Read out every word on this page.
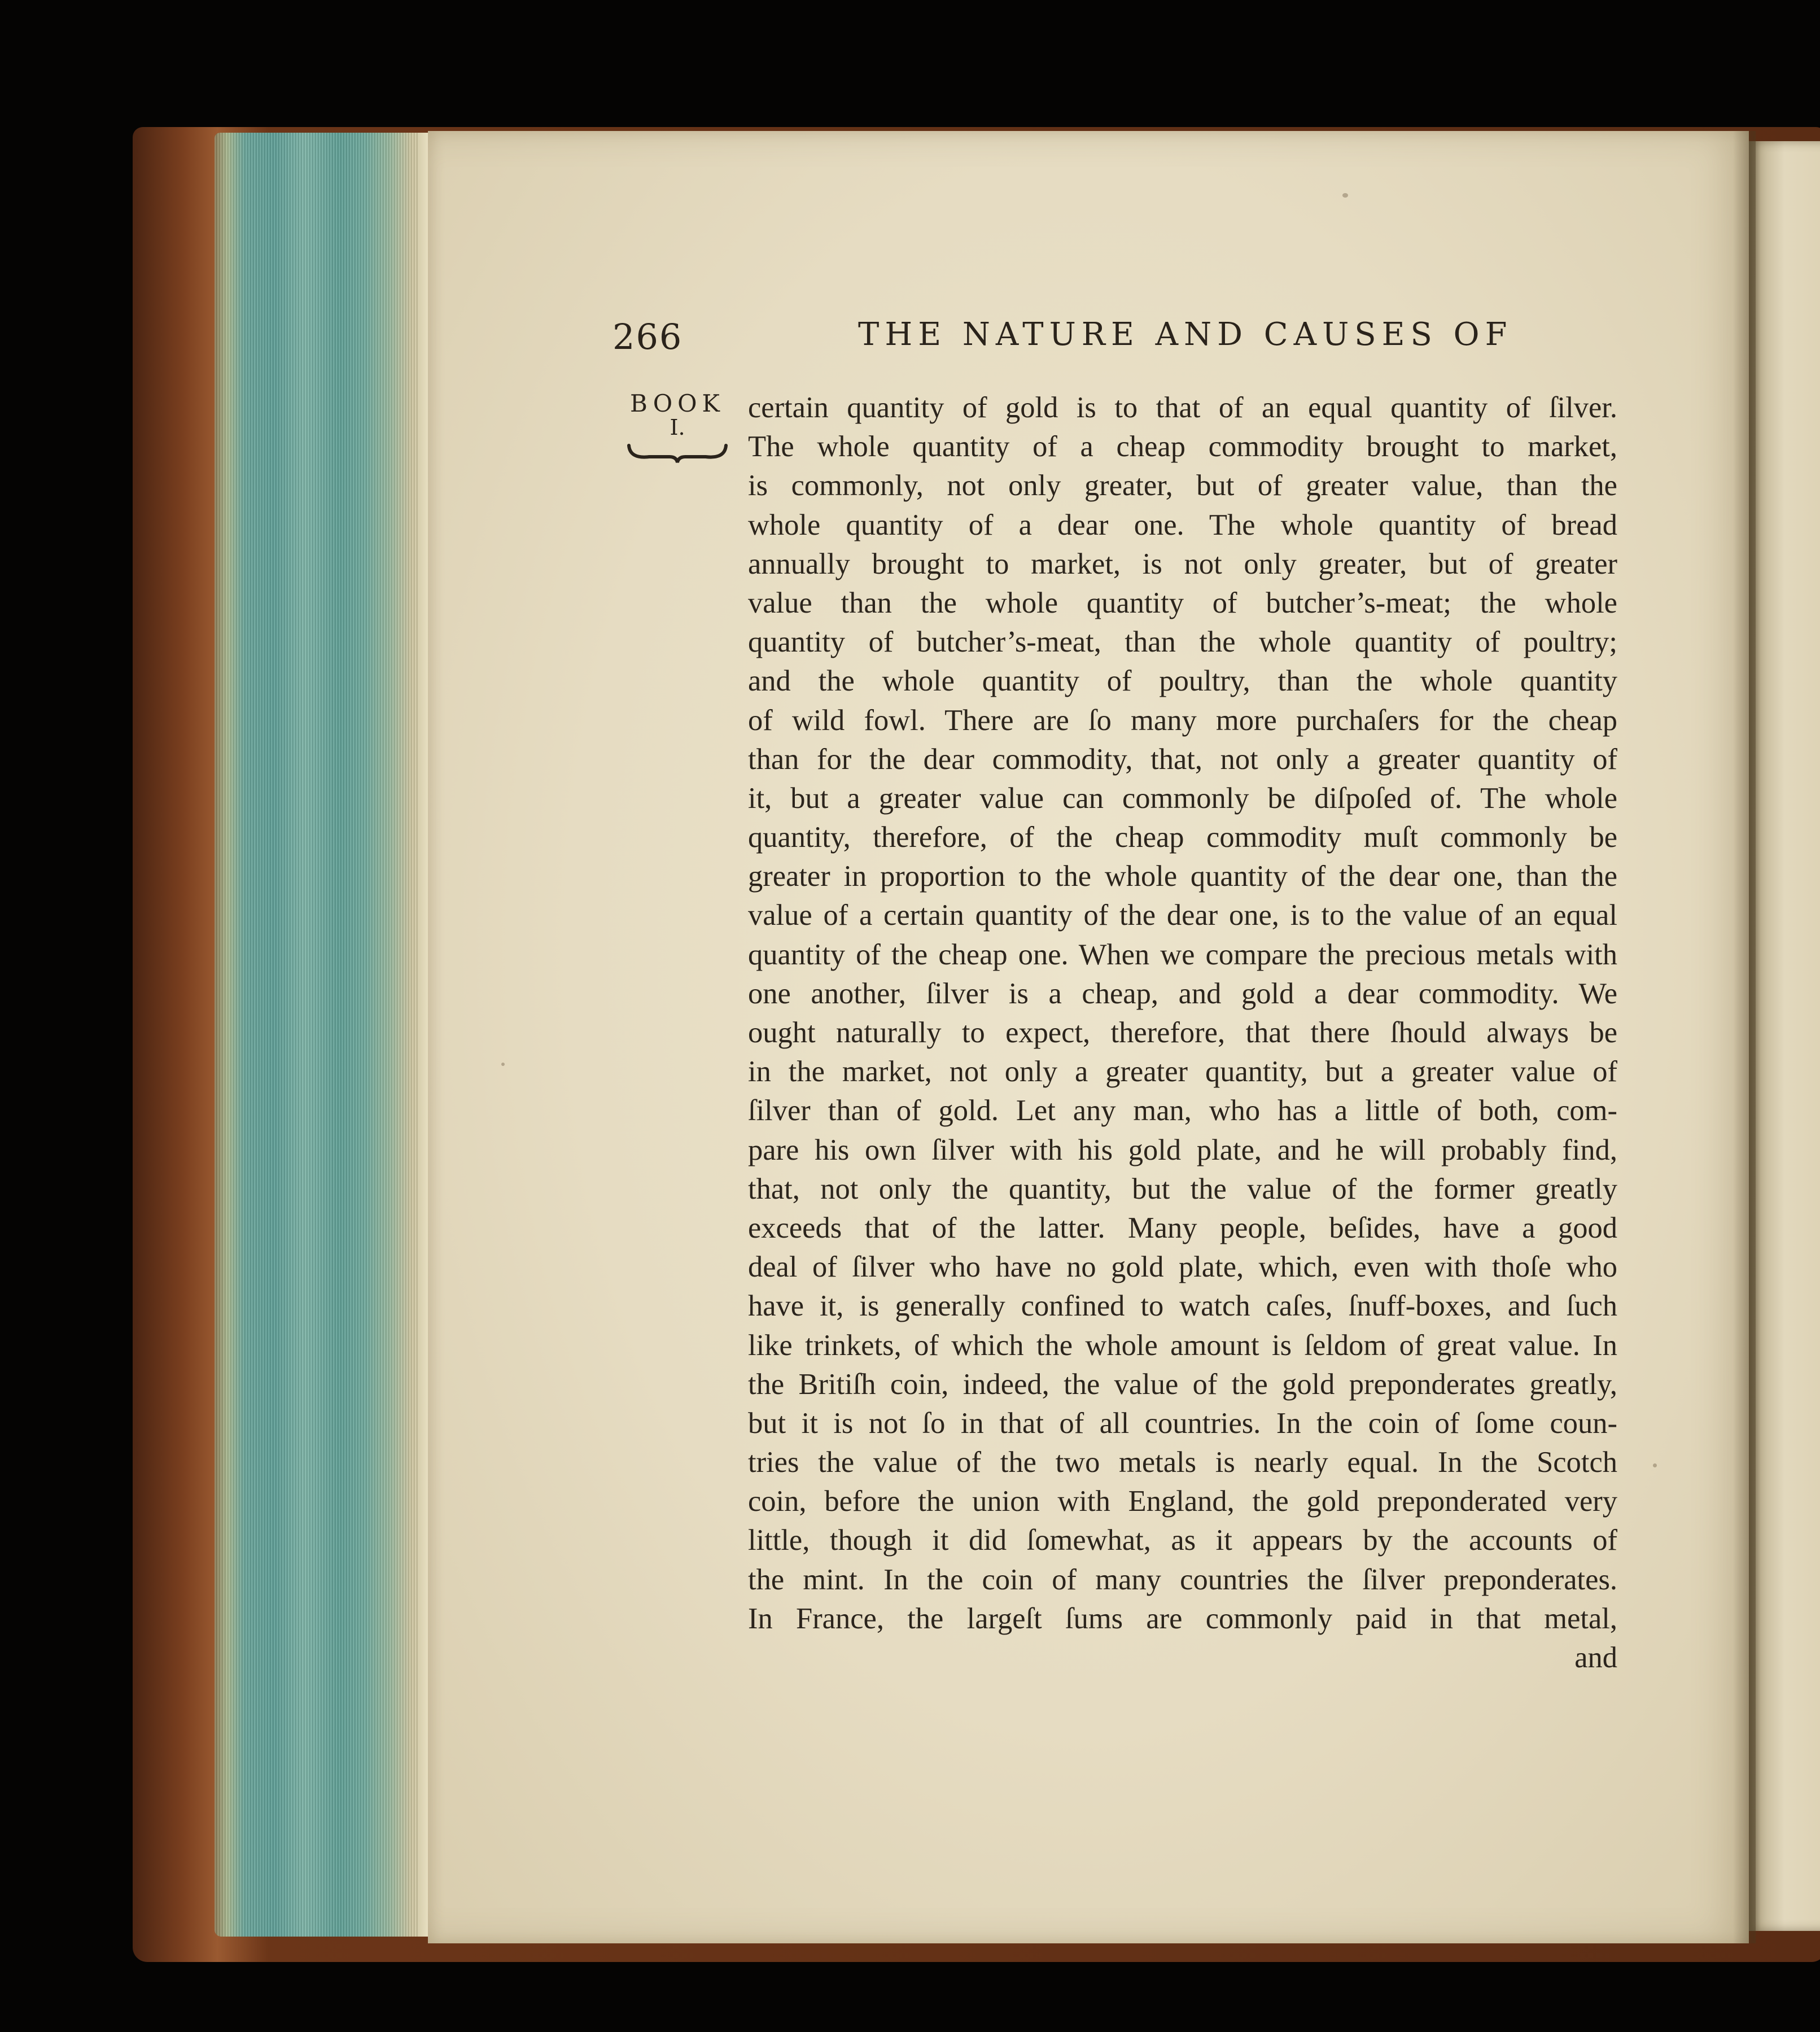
266	THE NATURE AND CAUSES OF
BOOK
I.
certain quantity of gold is to that of an equal quantity of ſilver.
The whole quantity of a cheap commodity brought to market,
is commonly, not only greater, but of greater value, than the
whole quantity of a dear one. The whole quantity of bread
annually brought to market, is not only greater, but of greater
value than the whole quantity of butcher’s-meat; the whole
quantity of butcher’s-meat, than the whole quantity of poultry;
and the whole quantity of poultry, than the whole quantity
of wild fowl. There are ſo many more purchaſers for the cheap
than for the dear commodity, that, not only a greater quantity of
it, but a greater value can commonly be diſpoſed of. The whole
quantity, therefore, of the cheap commodity muſt commonly be
greater in proportion to the whole quantity of the dear one, than the
value of a certain quantity of the dear one, is to the value of an equal
quantity of the cheap one. When we compare the precious metals with
one another, ſilver is a cheap, and gold a dear commodity. We
ought naturally to expect, therefore, that there ſhould always be
in the market, not only a greater quantity, but a greater value of
ſilver than of gold. Let any man, who has a little of both, com-
pare his own ſilver with his gold plate, and he will probably find,
that, not only the quantity, but the value of the former greatly
exceeds that of the latter. Many people, beſides, have a good
deal of ſilver who have no gold plate, which, even with thoſe who
have it, is generally confined to watch caſes, ſnuff-boxes, and ſuch
like trinkets, of which the whole amount is ſeldom of great value. In
the Britiſh coin, indeed, the value of the gold preponderates greatly,
but it is not ſo in that of all countries. In the coin of ſome coun-
tries the value of the two metals is nearly equal. In the Scotch
coin, before the union with England, the gold preponderated very
little, though it did ſomewhat, as it appears by the accounts of
the mint. In the coin of many countries the ſilver preponderates.
In France, the largeſt ſums are commonly paid in that metal,
and
